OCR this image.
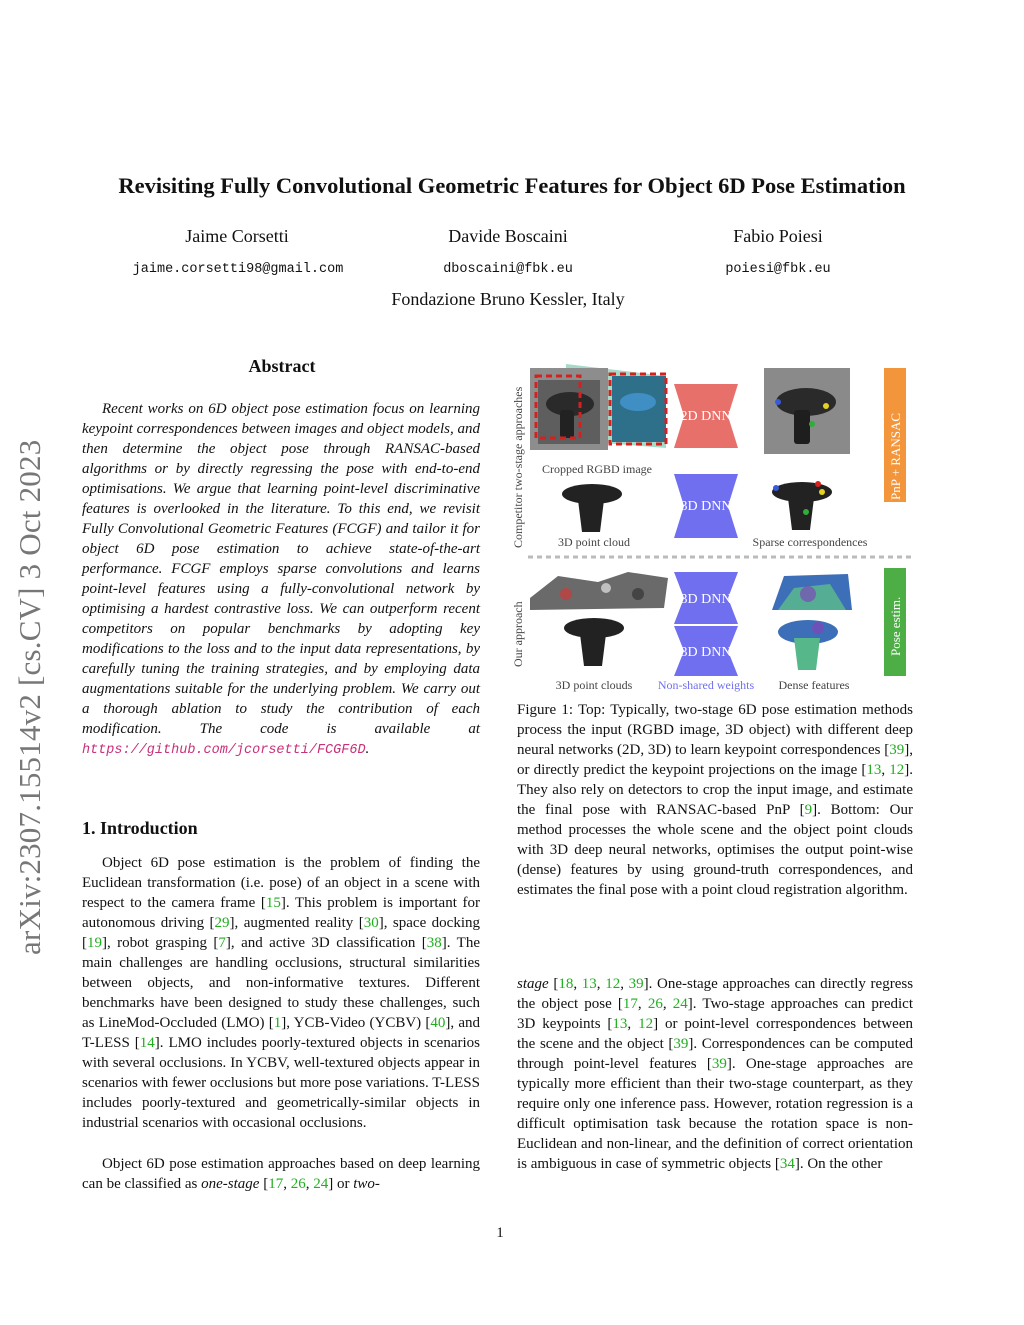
arXiv:2307.15514v2 [cs.CV] 3 Oct 2023
Revisiting Fully Convolutional Geometric Features for Object 6D Pose Estimation
Jaime Corsetti	Davide Boscaini	Fabio Poiesi
jaime.corsetti98@gmail.com	dboscaini@fbk.eu	poiesi@fbk.eu
Fondazione Bruno Kessler, Italy
Abstract
Recent works on 6D object pose estimation focus on learning keypoint correspondences between images and object models, and then determine the object pose through RANSAC-based algorithms or by directly regressing the pose with end-to-end optimisations. We argue that learning point-level discriminative features is overlooked in the literature. To this end, we revisit Fully Convolutional Geometric Features (FCGF) and tailor it for object 6D pose estimation to achieve state-of-the-art performance. FCGF employs sparse convolutions and learns point-level features using a fully-convolutional network by optimising a hardest contrastive loss. We can outperform recent competitors on popular benchmarks by adopting key modifications to the loss and to the input data representations, by carefully tuning the training strategies, and by employing data augmentations suitable for the underlying problem. We carry out a thorough ablation to study the contribution of each modification. The code is available at https://github.com/jcorsetti/FCGF6D.
1. Introduction
Object 6D pose estimation is the problem of finding the Euclidean transformation (i.e. pose) of an object in a scene with respect to the camera frame [15]. This problem is important for autonomous driving [29], augmented reality [30], space docking [19], robot grasping [7], and active 3D classification [38]. The main challenges are handling occlusions, structural similarities between objects, and non-informative textures. Different benchmarks have been designed to study these challenges, such as LineMod-Occluded (LMO) [1], YCB-Video (YCBV) [40], and T-LESS [14]. LMO includes poorly-textured objects in scenarios with several occlusions. In YCBV, well-textured objects appear in scenarios with fewer occlusions but more pose variations. T-LESS includes poorly-textured and geometrically-similar objects in industrial scenarios with occasional occlusions.
Object 6D pose estimation approaches based on deep learning can be classified as one-stage [17, 26, 24] or two-
Competitor two-stage approaches
Our approach
Cropped RGBD image
2D DNN	PnP + RANSAC
3D point cloud
3D DNN
Sparse correspondences
3D DNN	Pose estim.
3D point clouds
3D DNN
Non-shared weights Dense features
Figure 1: Top: Typically, two-stage 6D pose estimation methods process the input (RGBD image, 3D object) with different deep neural networks (2D, 3D) to learn keypoint correspondences [39], or directly predict the keypoint projections on the image [13, 12]. They also rely on detectors to crop the input image, and estimate the final pose with RANSAC-based PnP [9]. Bottom: Our method processes the whole scene and the object point clouds with 3D deep neural networks, optimises the output point-wise (dense) features by using ground-truth correspondences, and estimates the final pose with a point cloud registration algorithm.
stage [18, 13, 12, 39]. One-stage approaches can directly regress the object pose [17, 26, 24]. Two-stage approaches can predict 3D keypoints [13, 12] or point-level correspondences between the scene and the object [39]. Correspondences can be computed through point-level features [39]. One-stage approaches are typically more efficient than their two-stage counterpart, as they require only one inference pass. However, rotation regression is a difficult optimisation task because the rotation space is non-Euclidean and non-linear, and the definition of correct orientation is ambiguous in case of symmetric objects [34]. On the other
1
